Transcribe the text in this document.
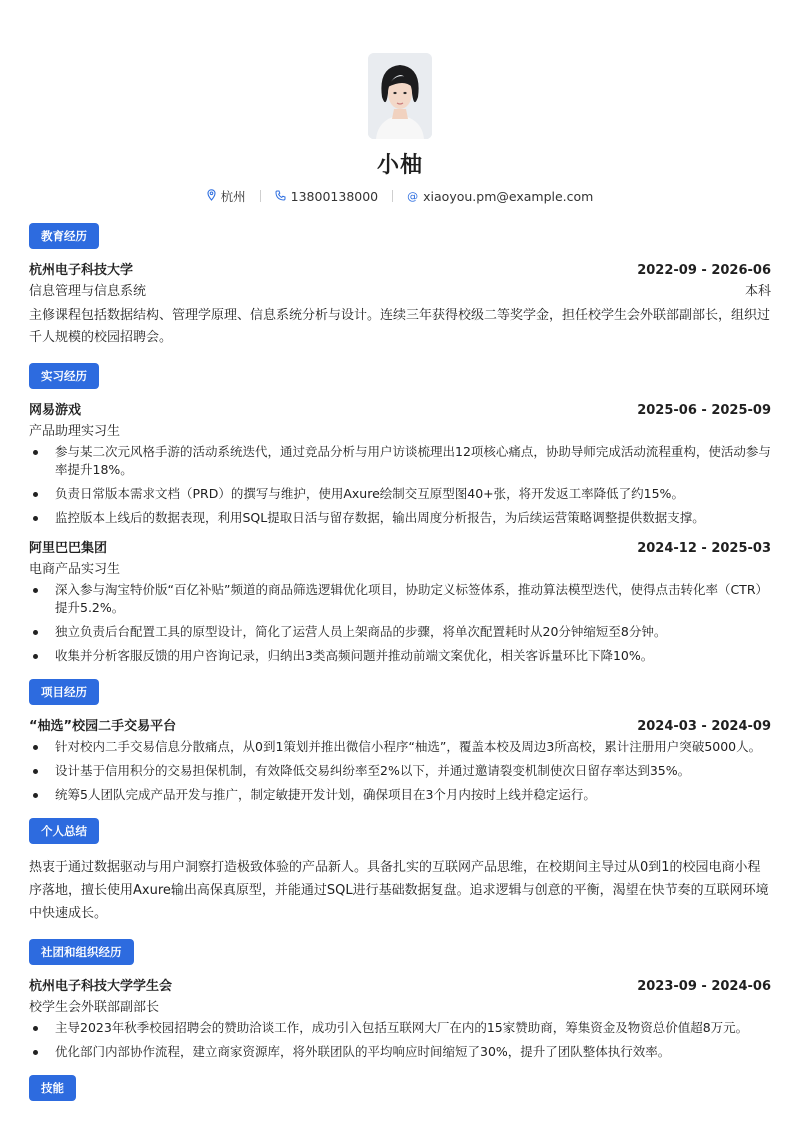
小柚
杭州	13800138000	@ xiaoyou.pm@example.com
教育经历
杭州电子科技大学	2022-09 - 2026-06
信息管理与信息系统	本科
主修课程包括数据结构、管理学原理、信息系统分析与设计。连续三年获得校级二等奖学金，担任校学生会外联部副部长，组织过千人规模的校园招聘会。
实习经历
网易游戏	2025-06 - 2025-09
产品助理实习生
参与某二次元风格手游的活动系统迭代，通过竞品分析与用户访谈梳理出12项核心痛点，协助导师完成活动流程重构，使活动参与率提升18%。
负责日常版本需求文档（PRD）的撰写与维护，使用Axure绘制交互原型图40+张，将开发返工率降低了约15%。
监控版本上线后的数据表现，利用SQL提取日活与留存数据，输出周度分析报告，为后续运营策略调整提供数据支撑。
阿里巴巴集团	2024-12 - 2025-03
电商产品实习生
深入参与淘宝特价版“百亿补贴”频道的商品筛选逻辑优化项目，协助定义标签体系，推动算法模型迭代，使得点击转化率（CTR）提升5.2%。
独立负责后台配置工具的原型设计，简化了运营人员上架商品的步骤，将单次配置耗时从20分钟缩短至8分钟。
收集并分析客服反馈的用户咨询记录，归纳出3类高频问题并推动前端文案优化，相关客诉量环比下降10%。
项目经历
“柚选”校园二手交易平台	2024-03 - 2024-09
针对校内二手交易信息分散痛点，从0到1策划并推出微信小程序“柚选”，覆盖本校及周边3所高校，累计注册用户突破5000人。
设计基于信用积分的交易担保机制，有效降低交易纠纷率至2%以下，并通过邀请裂变机制使次日留存率达到35%。
统筹5人团队完成产品开发与推广，制定敏捷开发计划，确保项目在3个月内按时上线并稳定运行。
个人总结
热衷于通过数据驱动与用户洞察打造极致体验的产品新人。具备扎实的互联网产品思维，在校期间主导过从0到1的校园电商小程序落地，擅长使用Axure输出高保真原型，并能通过SQL进行基础数据复盘。追求逻辑与创意的平衡，渴望在快节奏的互联网环境中快速成长。
社团和组织经历
杭州电子科技大学学生会	2023-09 - 2024-06
校学生会外联部副部长
主导2023年秋季校园招聘会的赞助洽谈工作，成功引入包括互联网大厂在内的15家赞助商，筹集资金及物资总价值超8万元。
优化部门内部协作流程，建立商家资源库，将外联团队的平均响应时间缩短了30%，提升了团队整体执行效率。
技能
